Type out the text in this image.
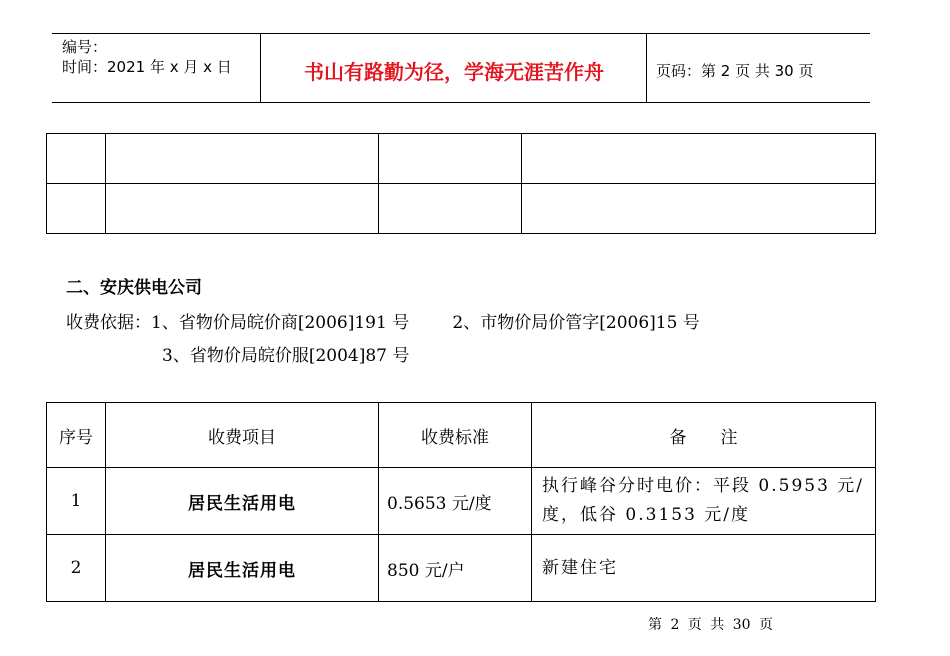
编号：
时间：2021 年 x 月 x 日	书山有路勤为径，学海无涯苦作舟	页码：第 2 页 共 30 页

二、安庆供电公司
收费依据：1、省物价局皖价商[2006]191 号        2、市物价局价管字[2006]15 号
3、省物价局皖价服[2004]87 号
序号	收费项目	收费标准	备　　注
1	居民生活用电	0.5653 元/度	执行峰谷分时电价：平段 0.5953 元/度，低谷 0.3153 元/度
2	居民生活用电	850 元/户	新建住宅
第 2 页 共 30 页
